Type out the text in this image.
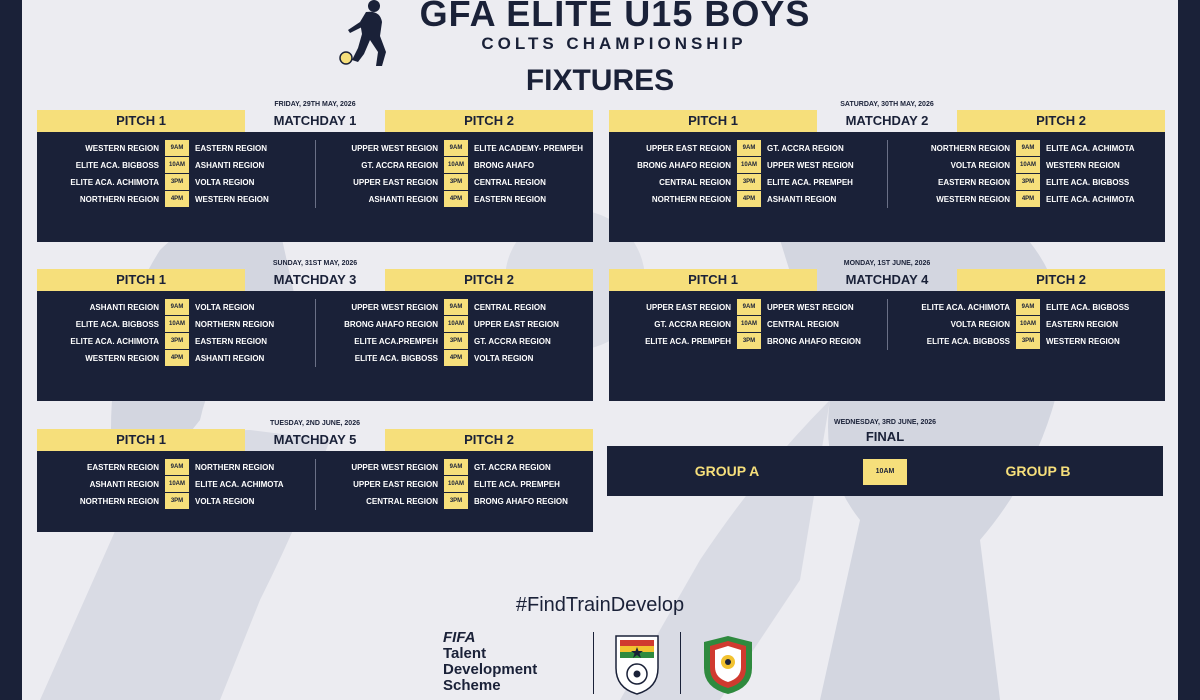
GFA ELITE U15 BOYS
COLTS CHAMPIONSHIP
FIXTURES
FRIDAY, 29TH MAY, 2026
PITCH 1	MATCHDAY 1	PITCH 2
WESTERN REGION	9AM	EASTERN REGION
ELITE ACA. BIGBOSS	10AM	ASHANTI REGION
ELITE ACA. ACHIMOTA	3PM	VOLTA REGION
NORTHERN REGION	4PM	WESTERN REGION
UPPER WEST REGION	9AM	ELITE ACADEMY- PREMPEH
GT. ACCRA REGION	10AM	BRONG AHAFO
UPPER EAST REGION	3PM	CENTRAL REGION
ASHANTI REGION	4PM	EASTERN REGION
SATURDAY, 30TH MAY, 2026
PITCH 1	MATCHDAY 2	PITCH 2
UPPER EAST REGION	9AM	GT. ACCRA REGION
BRONG AHAFO REGION	10AM	UPPER WEST REGION
CENTRAL REGION	3PM	ELITE ACA. PREMPEH
NORTHERN REGION	4PM	ASHANTI REGION
NORTHERN REGION	9AM	ELITE ACA. ACHIMOTA
VOLTA REGION	10AM	WESTERN REGION
EASTERN REGION	3PM	ELITE ACA. BIGBOSS
WESTERN REGION	4PM	ELITE ACA. ACHIMOTA
SUNDAY, 31ST MAY, 2026
PITCH 1	MATCHDAY 3	PITCH 2
ASHANTI REGION	9AM	VOLTA REGION
ELITE ACA. BIGBOSS	10AM	NORTHERN REGION
ELITE ACA. ACHIMOTA	3PM	EASTERN REGION
WESTERN REGION	4PM	ASHANTI REGION
UPPER WEST REGION	9AM	CENTRAL REGION
BRONG AHAFO REGION	10AM	UPPER EAST REGION
ELITE ACA.PREMPEH	3PM	GT. ACCRA REGION
ELITE ACA. BIGBOSS	4PM	VOLTA REGION
MONDAY, 1ST JUNE, 2026
PITCH 1	MATCHDAY 4	PITCH 2
UPPER EAST REGION	9AM	UPPER WEST REGION
GT. ACCRA REGION	10AM	CENTRAL REGION
ELITE ACA. PREMPEH	3PM	BRONG AHAFO REGION
ELITE ACA. ACHIMOTA	9AM	ELITE ACA. BIGBOSS
VOLTA REGION	10AM	EASTERN REGION
ELITE ACA. BIGBOSS	3PM	WESTERN REGION
TUESDAY, 2ND JUNE, 2026
PITCH 1	MATCHDAY 5	PITCH 2
EASTERN REGION	9AM	NORTHERN REGION
ASHANTI REGION	10AM	ELITE ACA. ACHIMOTA
NORTHERN REGION	3PM	VOLTA REGION
UPPER WEST REGION	9AM	GT. ACCRA REGION
UPPER EAST REGION	10AM	ELITE ACA. PREMPEH
CENTRAL REGION	3PM	BRONG AHAFO REGION
WEDNESDAY, 3RD JUNE, 2026
FINAL
GROUP A	10AM	GROUP B
#FindTrainDevelop
FIFA
Talent
Development
Scheme
